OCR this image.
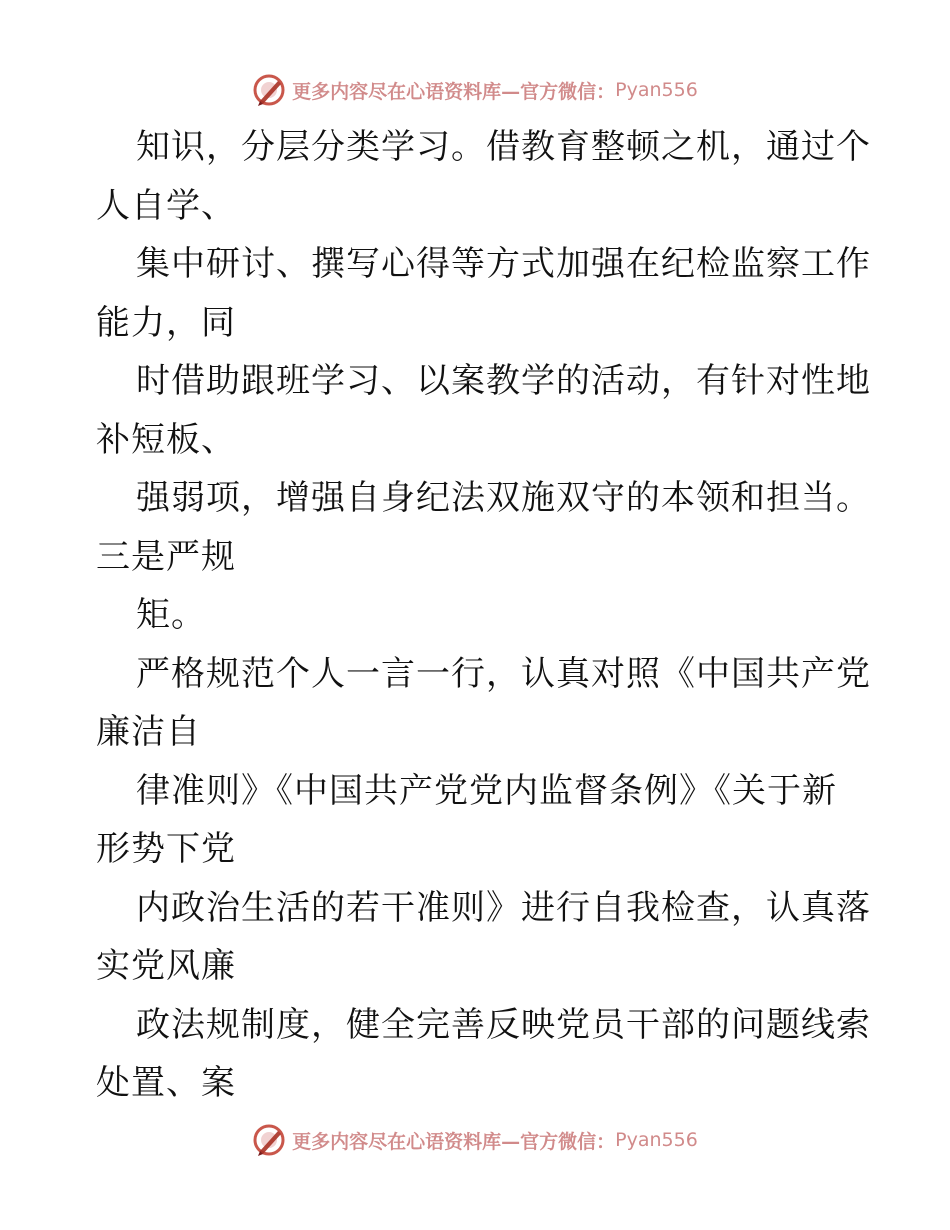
更多内容尽在心语资料库—官方微信： Pyan556
知识，分层分类学习。借教育整顿之机，通过个
人自学、
集中研讨、撰写心得等方式加强在纪检监察工作
能力，同
时借助跟班学习、以案教学的活动，有针对性地
补短板、
强弱项，增强自身纪法双施双守的本领和担当。
三是严规
矩。
严格规范个人一言一行，认真对照《中国共产党
廉洁自
律准则》《中国共产党党内监督条例》《关于新
形势下党
内政治生活的若干准则》进行自我检查，认真落
实党风廉
政法规制度，健全完善反映党员干部的问题线索
处置、案
更多内容尽在心语资料库—官方微信： Pyan556
